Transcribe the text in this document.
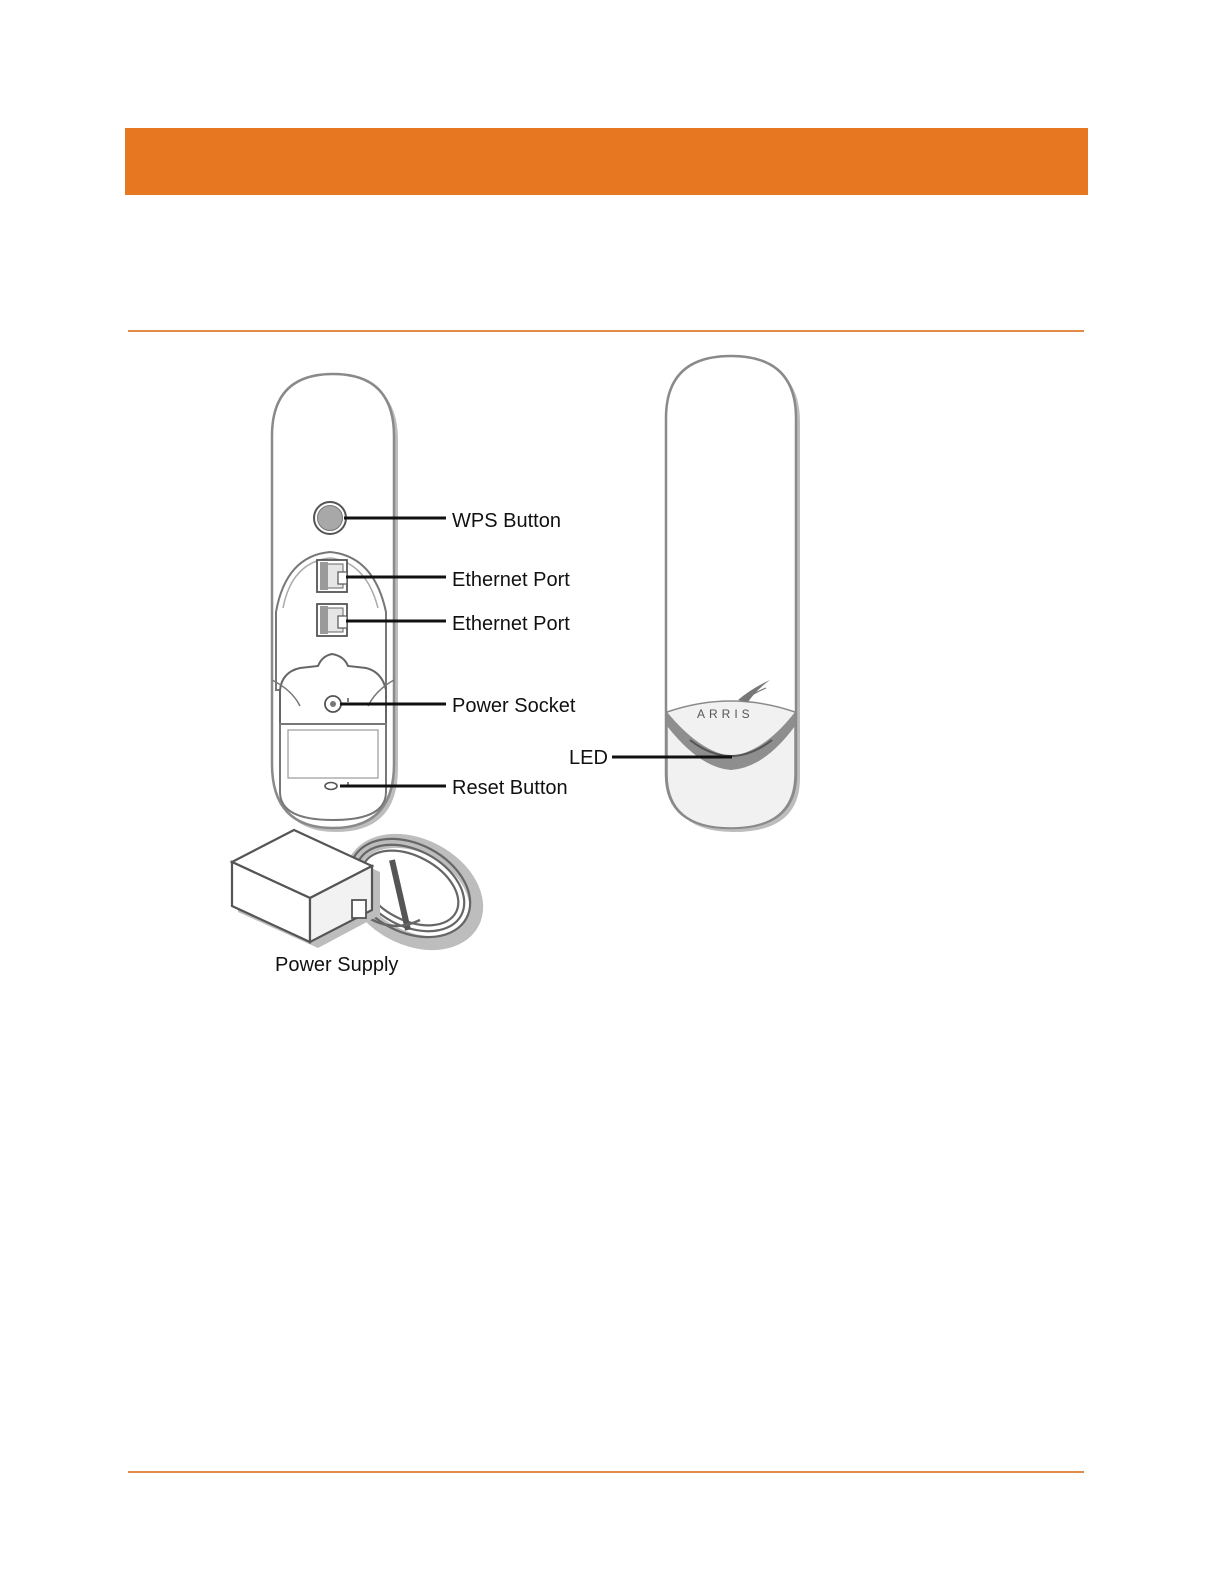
WPS Button
Ethernet Port
Ethernet Port
Power Socket
Reset Button
ARRIS
LED
Power Supply
